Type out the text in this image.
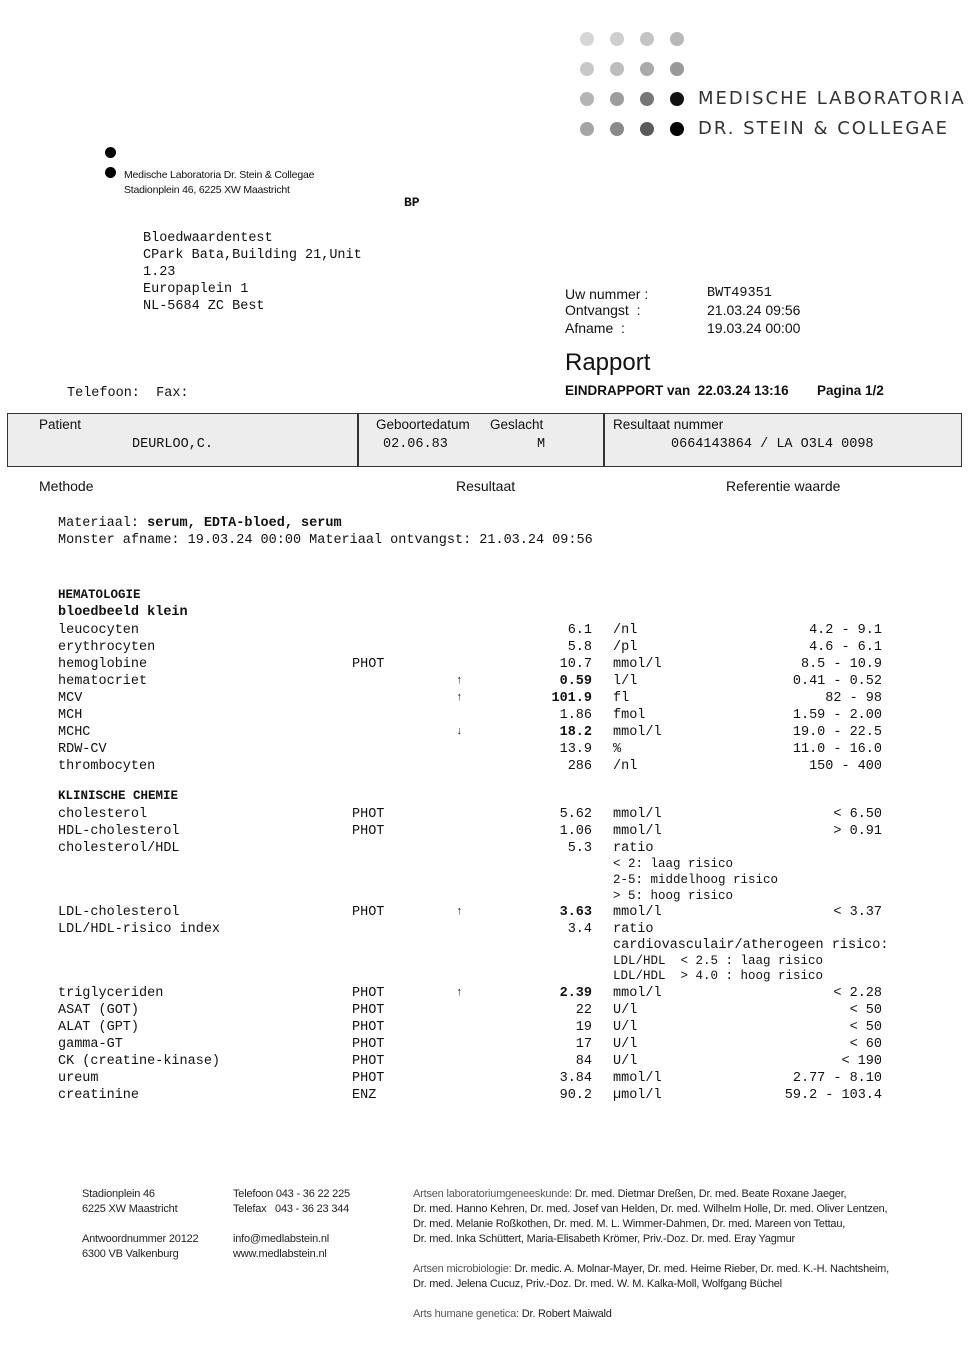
MEDISCHE LABORATORIA
DR. STEIN & COLLEGAE
Medische Laboratoria Dr. Stein & Collegae
Stadionplein 46, 6225 XW Maastricht
BP
Bloedwaardentest
CPark Bata,Building 21,Unit
1.23
Europaplein 1
NL-5684 ZC Best
Telefoon:  Fax:
Uw nummer :	BWT49351
Ontvangst  :	21.03.24 09:56
Afname  :	19.03.24 00:00
Rapport
EINDRAPPORT van  22.03.24 13:16 Pagina 1/2
Patient
DEURLOO,C.
Geboortedatum
02.06.83
Geslacht
M
Resultaat nummer
0664143864 / LA O3L4 0098
Methode	Resultaat	Referentie waarde
Materiaal: serum, EDTA-bloed, serum
Monster afname: 19.03.24 00:00 Materiaal ontvangst: 21.03.24 09:56
HEMATOLOGIE
bloedbeeld klein
leucocyten	6.1 /nl	4.2 - 9.1
erythrocyten	5.8 /pl	4.6 - 6.1
hemoglobine	PHOT	10.7 mmol/l	8.5 - 10.9
hematocriet	↑	0.59 l/l	0.41 - 0.52
MCV	↑	101.9 fl	82 - 98
MCH	1.86 fmol	1.59 - 2.00
MCHC	↓	18.2 mmol/l	19.0 - 22.5
RDW-CV	13.9 %	11.0 - 16.0
thrombocyten	286 /nl	150 - 400
KLINISCHE CHEMIE
cholesterol	PHOT	5.62 mmol/l	< 6.50
HDL-cholesterol	PHOT	1.06 mmol/l	> 0.91
cholesterol/HDL	5.3 ratio
< 2: laag risico
2-5: middelhoog risico
> 5: hoog risico
LDL-cholesterol	PHOT	↑	3.63 mmol/l	< 3.37
LDL/HDL-risico index	3.4 ratio
cardiovasculair/atherogeen risico:
LDL/HDL  < 2.5 : laag risico
LDL/HDL  > 4.0 : hoog risico
triglyceriden	PHOT	↑	2.39 mmol/l	< 2.28
ASAT (GOT)	PHOT	22 U/l	< 50
ALAT (GPT)	PHOT	19 U/l	< 50
gamma-GT	PHOT	17 U/l	< 60
CK (creatine-kinase)	PHOT	84 U/l	< 190
ureum	PHOT	3.84 mmol/l	2.77 - 8.10
creatinine	ENZ	90.2 µmol/l	59.2 - 103.4
Stadionplein 46
6225 XW Maastricht
Antwoordnummer 20122
6300 VB Valkenburg
Telefoon 043 - 36 22 225
Telefax   043 - 36 23 344
info@medlabstein.nl
www.medlabstein.nl
Artsen laboratoriumgeneeskunde: Dr. med. Dietmar Dreßen, Dr. med. Beate Roxane Jaeger,
Dr. med. Hanno Kehren, Dr. med. Josef van Helden, Dr. med. Wilhelm Holle, Dr. med. Oliver Lentzen,
Dr. med. Melanie Roßkothen, Dr. med. M. L. Wimmer-Dahmen, Dr. med. Mareen von Tettau,
Dr. med. Inka Schüttert, Maria-Elisabeth Krömer, Priv.-Doz. Dr. med. Eray Yagmur
Artsen microbiologie: Dr. medic. A. Molnar-Mayer, Dr. med. Heime Rieber, Dr. med. K.-H. Nachtsheim,
Dr. med. Jelena Cucuz, Priv.-Doz. Dr. med. W. M. Kalka-Moll, Wolfgang Büchel
Arts humane genetica: Dr. Robert Maiwald
